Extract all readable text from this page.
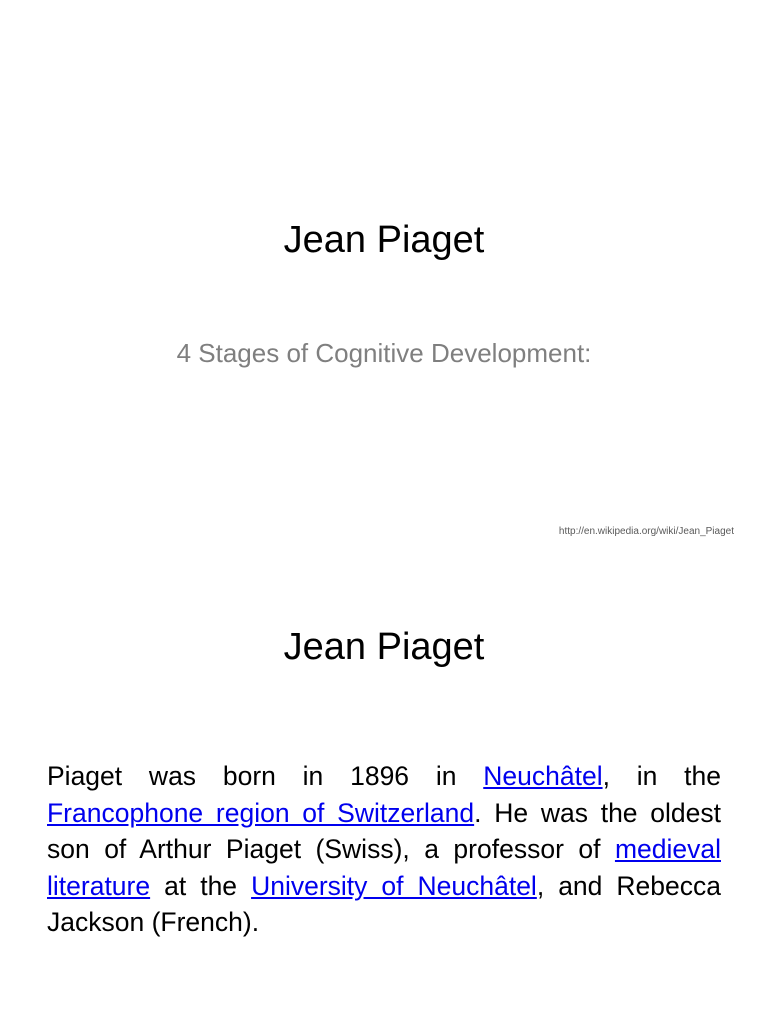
Jean Piaget
4 Stages of Cognitive Development:
http://en.wikipedia.org/wiki/Jean_Piaget
Jean Piaget
Piaget was born in 1896 in Neuchâtel, in the Francophone region of Switzerland. He was the oldest son of Arthur Piaget (Swiss), a professor of medieval literature at the University of Neuchâtel, and Rebecca Jackson (French).
